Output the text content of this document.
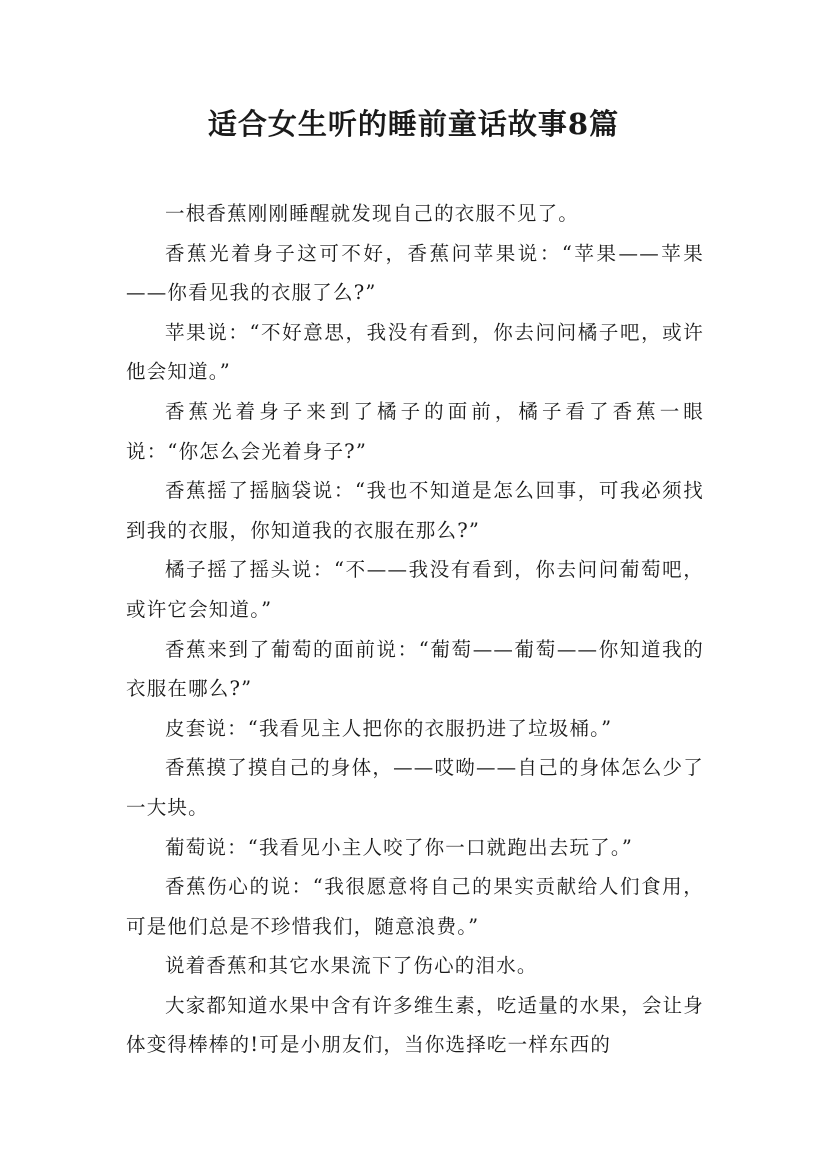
适合女生听的睡前童话故事8篇

一根香蕉刚刚睡醒就发现自己的衣服不见了。

香蕉光着身子这可不好，香蕉问苹果说：“苹果——苹果——你看见我的衣服了么?”

苹果说：“不好意思，我没有看到，你去问问橘子吧，或许他会知道。”

香蕉光着身子来到了橘子的面前，橘子看了香蕉一眼说：“你怎么会光着身子?”

香蕉摇了摇脑袋说：“我也不知道是怎么回事，可我必须找到我的衣服，你知道我的衣服在那么?”

橘子摇了摇头说：“不——我没有看到，你去问问葡萄吧，或许它会知道。”

香蕉来到了葡萄的面前说：“葡萄——葡萄——你知道我的衣服在哪么?”

皮套说：“我看见主人把你的衣服扔进了垃圾桶。”

香蕉摸了摸自己的身体，——哎呦——自己的身体怎么少了一大块。

葡萄说：“我看见小主人咬了你一口就跑出去玩了。”

香蕉伤心的说：“我很愿意将自己的果实贡献给人们食用，可是他们总是不珍惜我们，随意浪费。”

说着香蕉和其它水果流下了伤心的泪水。

大家都知道水果中含有许多维生素，吃适量的水果，会让身体变得棒棒的!可是小朋友们，当你选择吃一样东西的
